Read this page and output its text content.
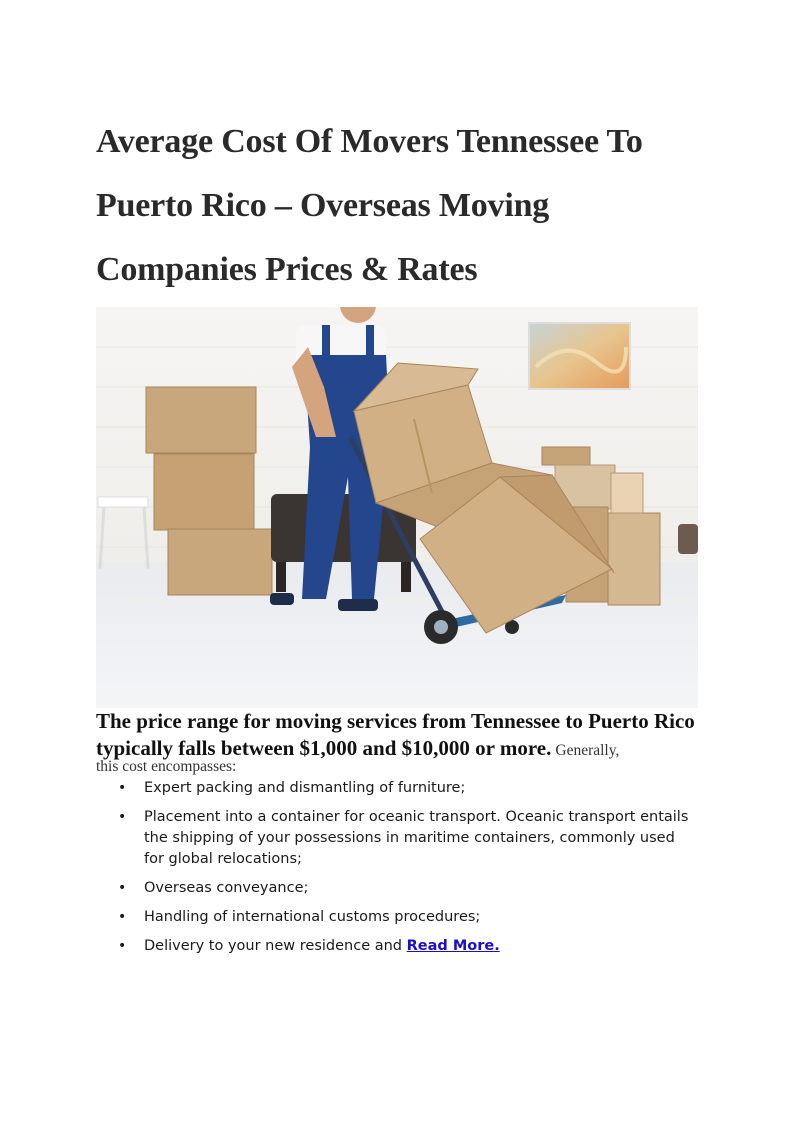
Average Cost Of Movers Tennessee To Puerto Rico – Overseas Moving Companies Prices & Rates

The price range for moving services from Tennessee to Puerto Rico typically falls between $1,000 and $10,000 or more. Generally,

this cost encompasses:
• Expert packing and dismantling of furniture;
• Placement into a container for oceanic transport. Oceanic transport entails the shipping of your possessions in maritime containers, commonly used for global relocations;
• Overseas conveyance;
• Handling of international customs procedures;
• Delivery to your new residence and Read More.
